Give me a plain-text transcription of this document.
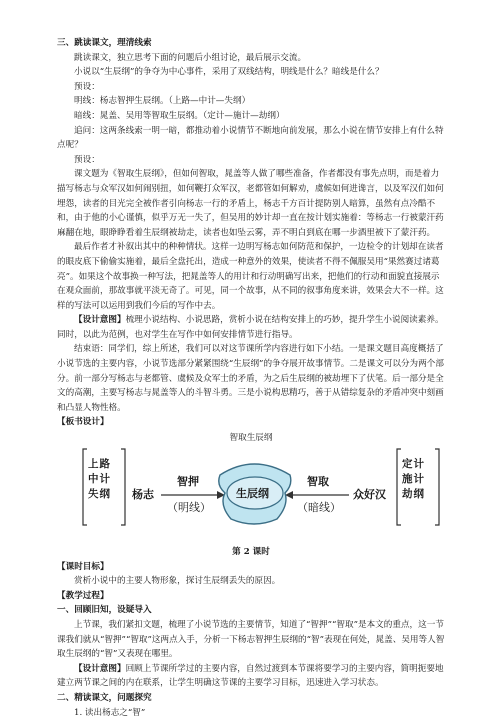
三、跳读课文，理清线索

跳读课文，独立思考下面的问题后小组讨论，最后展示交流。

小说以“生辰纲”的争夺为中心事件，采用了双线结构，明线是什么？暗线是什么？

预设：

明线：杨志智押生辰纲。（上路—中计—失纲）

暗线：晁盖、吴用等智取生辰纲。（定计—施计—劫纲）

追问：这两条线索一明一暗，都推动着小说情节不断地向前发展，那么小说在情节安排上有什么特点呢？

预设：

课文题为《智取生辰纲》，但如何智取，晁盖等人做了哪些准备，作者都没有事先点明，而是着力描写杨志与众军汉如何闹别扭，如何鞭打众军汉，老都管如何解劝，虞候如何进谗言，以及军汉们如何埋怨，读者的目光完全被作者引向杨志一行的矛盾上，杨志千方百计提防别人暗算，虽然有点冷酷不和，由于他的小心谨慎，似乎万无一失了，但吴用的妙计却一直在按计划实施着：等杨志一行被蒙汗药麻翻在地，眼睁睁看着生辰纲被劫走，读者也如坠云雾，弄不明白到底在哪一步酒里被下了蒙汗药。

最后作者才补叙出其中的种种情状。这样一边明写杨志如何防范和保护，一边检令的计划却在读者的眼皮底下偷偷实施着，最后全盘托出，造成一种意外的效果，使读者不得不佩服吴用“果然赛过诸葛亮”。如果这个故事换一种写法，把晁盖等人的用计和行动明确写出来，把他们的行动和面貌直接展示在观众面前，那故事就平淡无奇了。可见，同一个故事，从不同的叙事角度来讲，效果会大不一样。这样的写法可以运用到我们今后的写作中去。

【设计意图】梳理小说结构、小说思路，赏析小说在结构安排上的巧妙，提升学生小说阅读素养。同时，以此为范例，也对学生在写作中如何安排情节进行指导。

结束语：同学们，综上所述，我们可以对这节课所学内容进行如下小结。一是课文题目高度概括了小说节选的主要内容，小说节选部分紧紧围绕“生辰纲”的争夺展开故事情节。二是课文可以分为两个部分。前一部分写杨志与老都管、虞候及众军士的矛盾，为之后生辰纲的被劫埋下了伏笔。后一部分是全文的高潮，主要写杨志与晁盖等人的斗智斗勇。三是小说构思精巧，善于从错综复杂的矛盾冲突中刻画和凸显人物性格。

【板书设计】

智取生辰纲
上路
中计
失纲 杨志
智押
（明线）
生辰纲
智取
（暗线）
众好汉
定计
施计
劫纲

第 2 课时

【课时目标】

赏析小说中的主要人物形象，探讨生辰纲丢失的原因。

【教学过程】

一、回顾旧知，设疑导入

上节课，我们紧扣文题，梳理了小说节选的主要情节，知道了“智押”“智取”是本文的重点，这一节课我们就从“智押”“智取”这两点入手，分析一下杨志智押生辰纲的“智”表现在何处，晁盖、吴用等人智取生辰纲的“智”又表现在哪里。

【设计意图】回顾上节课所学过的主要内容，自然过渡到本节课将要学习的主要内容，简明扼要地建立两节课之间的内在联系，让学生明确这节课的主要学习目标，迅速进入学习状态。

二、精读课文，问题探究

1. 读出杨志之“智”
